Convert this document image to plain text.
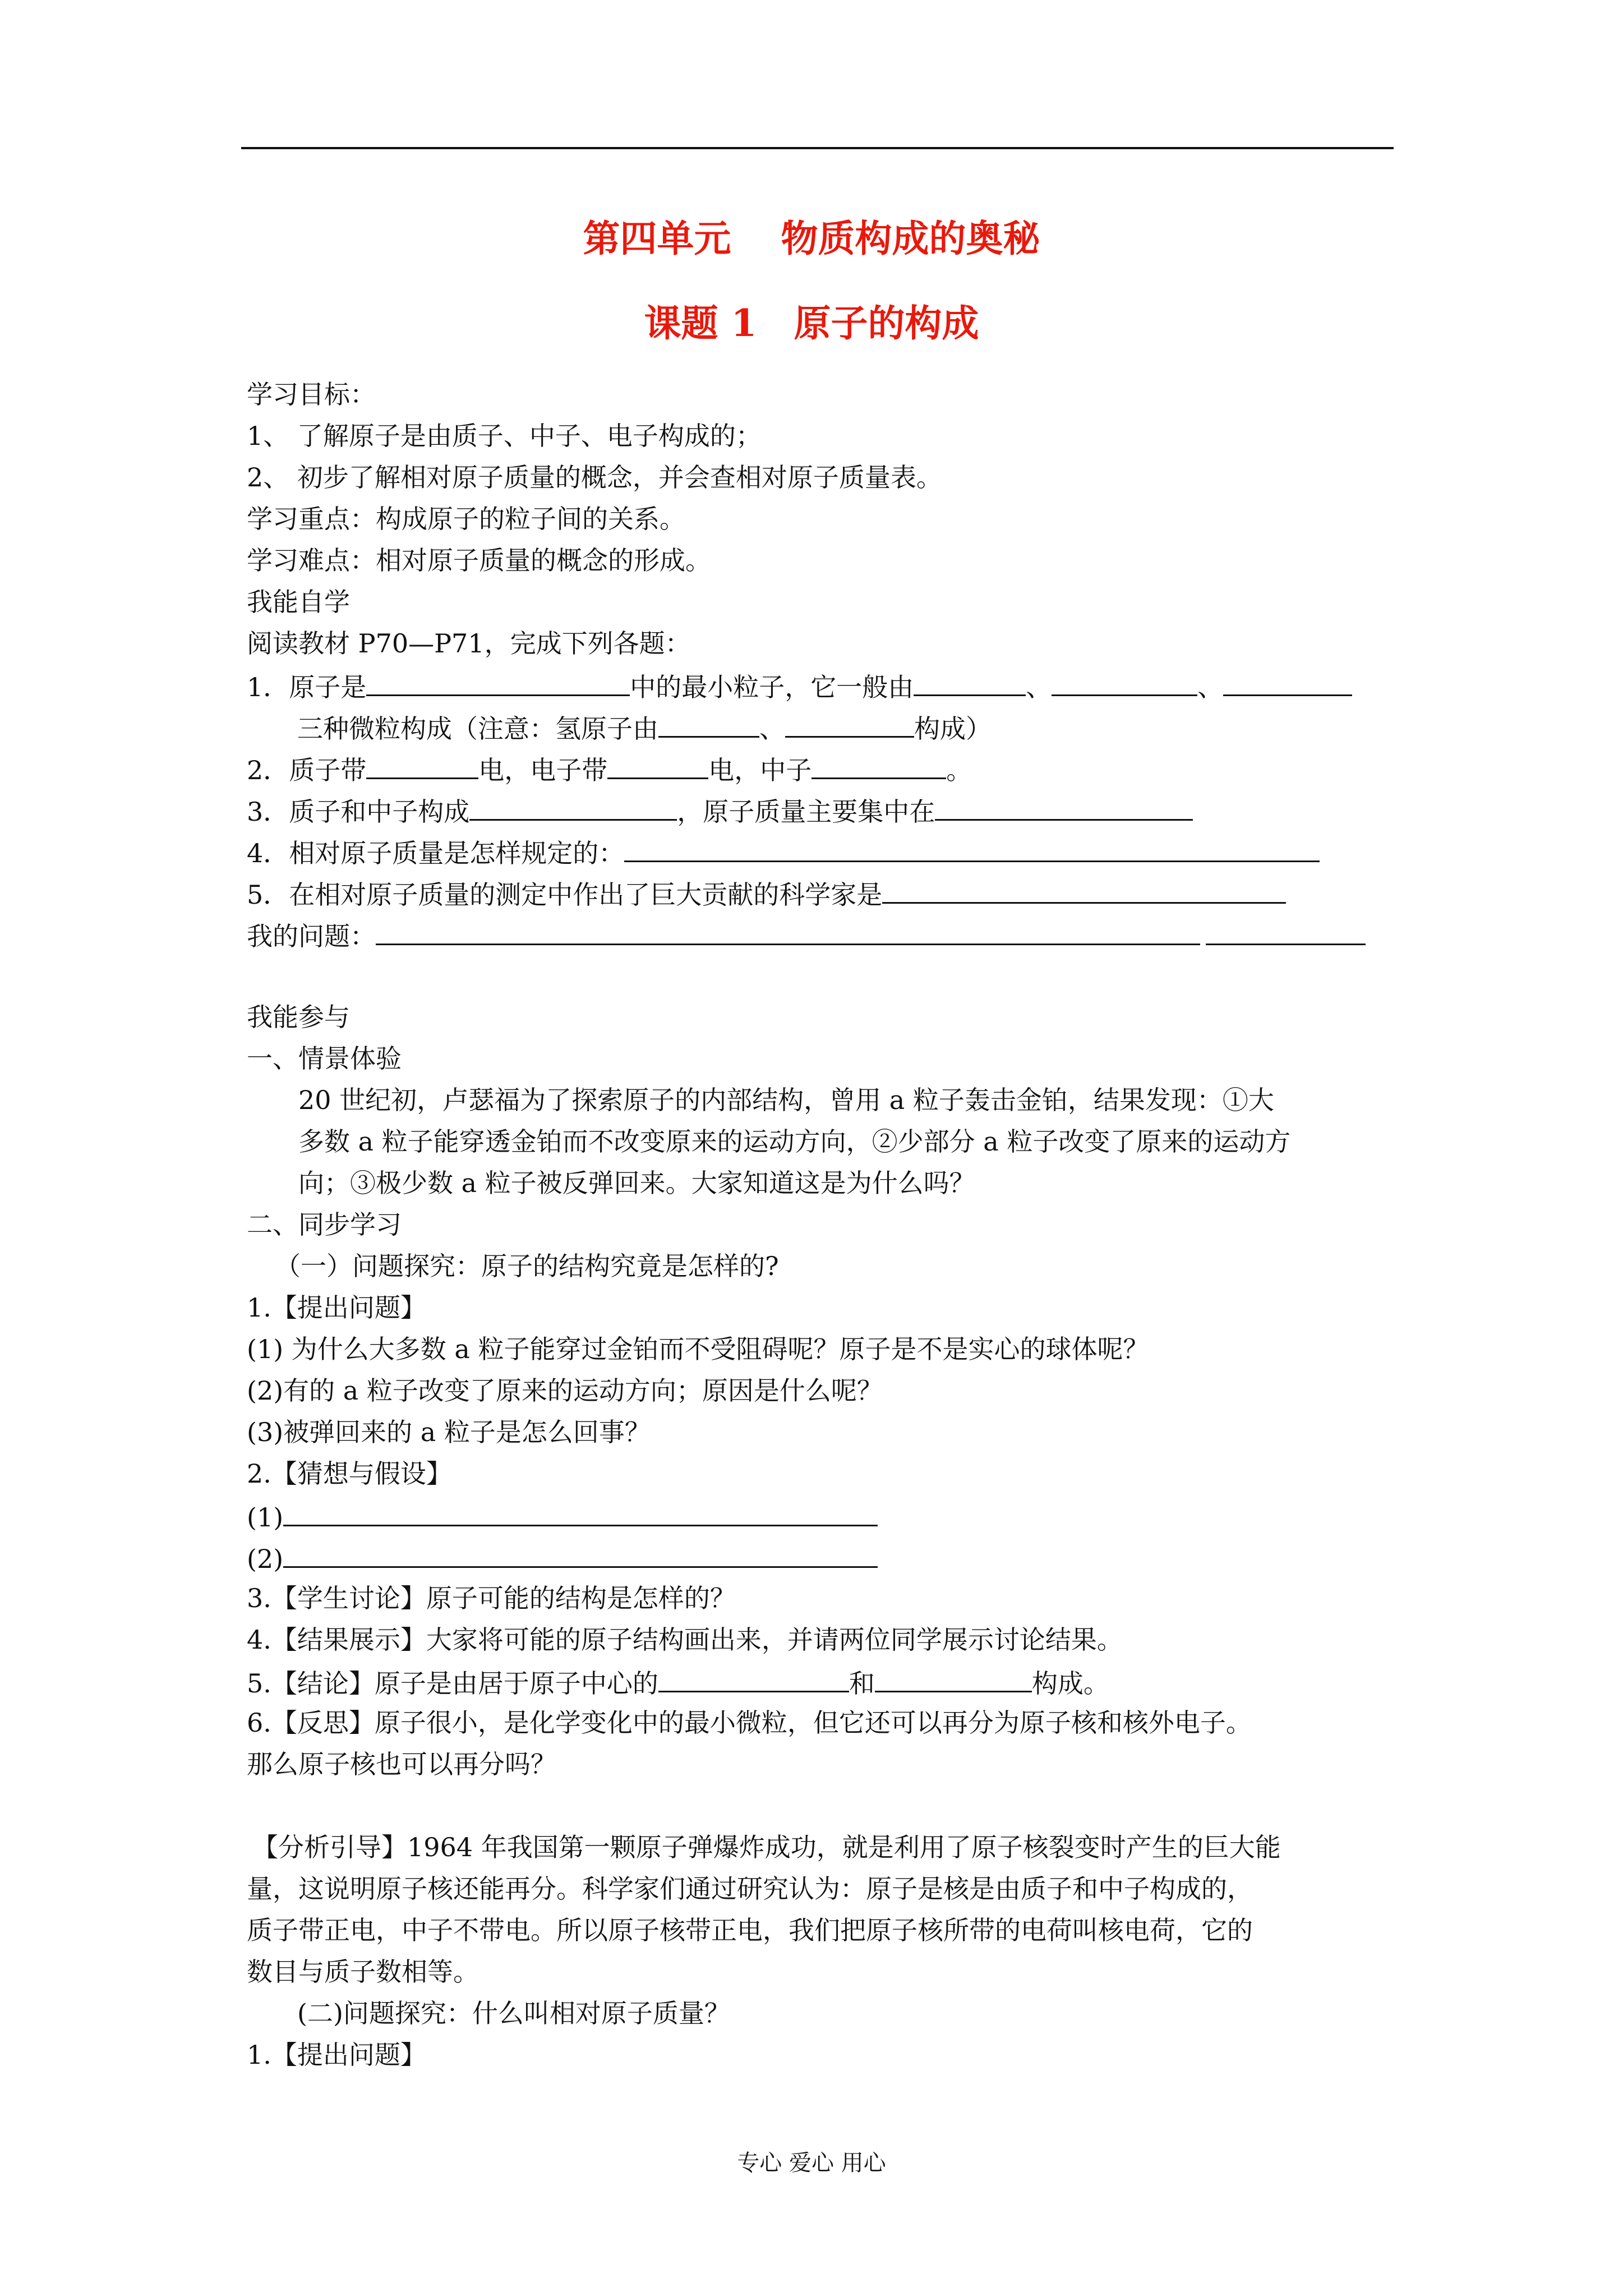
第四单元　 物质构成的奥秘
课题 1　原子的构成
学习目标：
1、 了解原子是由质子、中子、电子构成的；
2、 初步了解相对原子质量的概念，并会查相对原子质量表。
学习重点：构成原子的粒子间的关系。
学习难点：相对原子质量的概念的形成。
我能自学
阅读教材 P70—P71，完成下列各题：
1．原子是	中的最小粒子，它一般由	、	、
三种微粒构成（注意：氢原子由	、	构成）
2．质子带	电，电子带	电，中子	。
3．质子和中子构成	，原子质量主要集中在
4．相对原子质量是怎样规定的：
5．在相对原子质量的测定中作出了巨大贡献的科学家是
我的问题：
我能参与
一、情景体验
20 世纪初，卢瑟福为了探索原子的内部结构，曾用 a 粒子轰击金铂，结果发现：①大
多数 a 粒子能穿透金铂而不改变原来的运动方向，②少部分 a 粒子改变了原来的运动方
向；③极少数 a 粒子被反弹回来。大家知道这是为什么吗？
二、同步学习
（一）问题探究：原子的结构究竟是怎样的?
1.【提出问题】
(1) 为什么大多数 a 粒子能穿过金铂而不受阻碍呢？原子是不是实心的球体呢？
(2)有的 a 粒子改变了原来的运动方向；原因是什么呢？
(3)被弹回来的 a 粒子是怎么回事？
2.【猜想与假设】
(1)
(2)
3.【学生讨论】原子可能的结构是怎样的？
4.【结果展示】大家将可能的原子结构画出来，并请两位同学展示讨论结果。
5.【结论】原子是由居于原子中心的	和	构成。
6.【反思】原子很小，是化学变化中的最小微粒，但它还可以再分为原子核和核外电子。
那么原子核也可以再分吗？
【分析引导】1964 年我国第一颗原子弹爆炸成功，就是利用了原子核裂变时产生的巨大能
量，这说明原子核还能再分。科学家们通过研究认为：原子是核是由质子和中子构成的，
质子带正电，中子不带电。所以原子核带正电，我们把原子核所带的电荷叫核电荷，它的
数目与质子数相等。
(二)问题探究：什么叫相对原子质量？
1.【提出问题】
专心 爱心 用心
